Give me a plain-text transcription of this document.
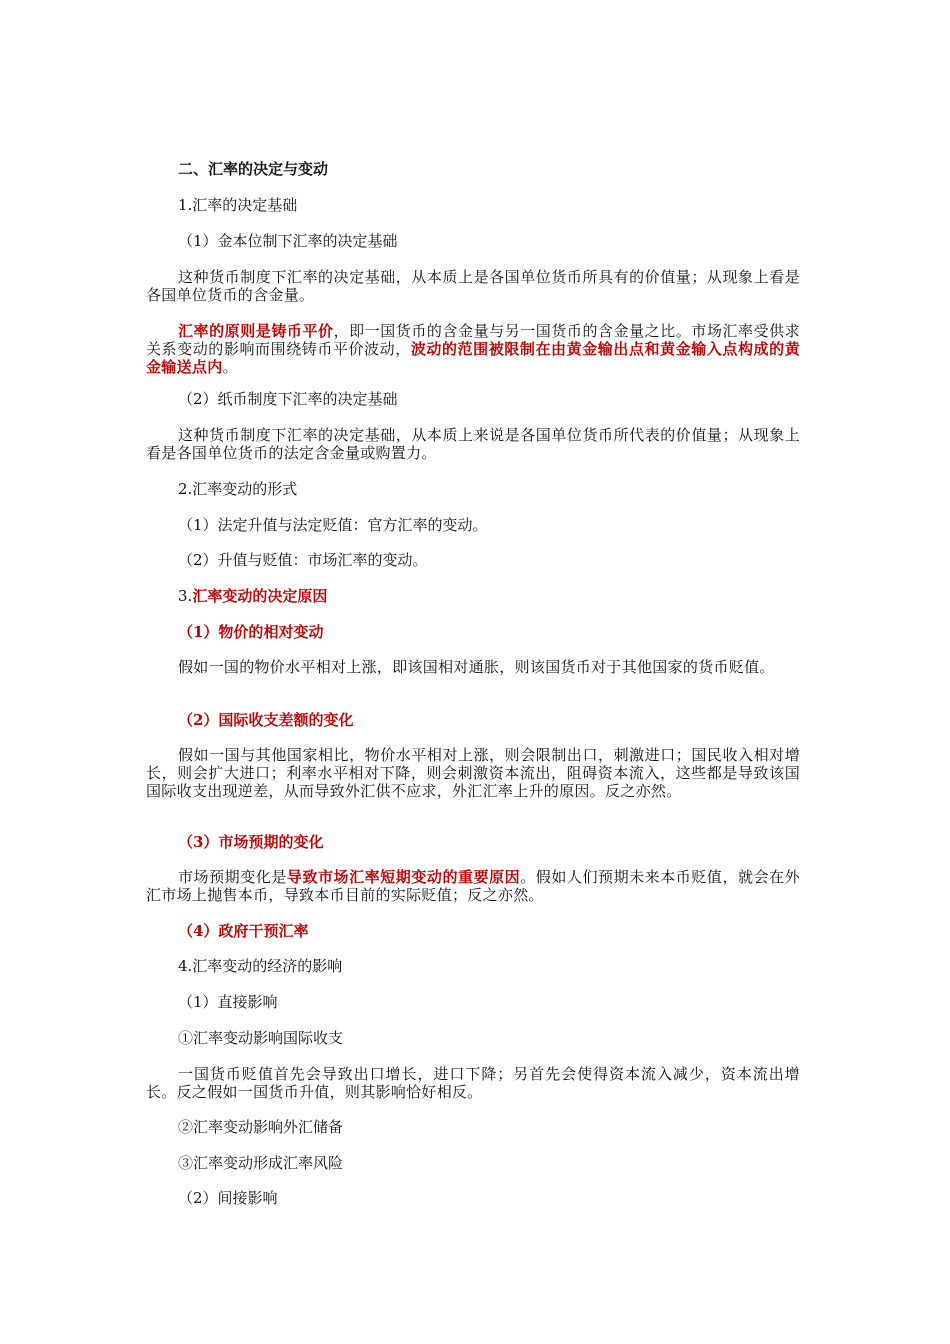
二、汇率的决定与变动
1.汇率的决定基础
（1）金本位制下汇率的决定基础
这种货币制度下汇率的决定基础，从本质上是各国单位货币所具有的价值量；从现象上看是各国单位货币的含金量。
汇率的原则是铸币平价，即一国货币的含金量与另一国货币的含金量之比。市场汇率受供求关系变动的影响而围绕铸币平价波动，波动的范围被限制在由黄金输出点和黄金输入点构成的黄金输送点内。
（2）纸币制度下汇率的决定基础
这种货币制度下汇率的决定基础，从本质上来说是各国单位货币所代表的价值量；从现象上看是各国单位货币的法定含金量或购置力。
2.汇率变动的形式
（1）法定升值与法定贬值：官方汇率的变动。
（2）升值与贬值：市场汇率的变动。
3.汇率变动的决定原因
（1）物价的相对变动
假如一国的物价水平相对上涨，即该国相对通胀，则该国货币对于其他国家的货币贬值。
（2）国际收支差额的变化
假如一国与其他国家相比，物价水平相对上涨，则会限制出口，刺激进口；国民收入相对增长，则会扩大进口；利率水平相对下降，则会刺激资本流出，阻碍资本流入，这些都是导致该国国际收支出现逆差，从而导致外汇供不应求，外汇汇率上升的原因。反之亦然。
（3）市场预期的变化
市场预期变化是导致市场汇率短期变动的重要原因。假如人们预期未来本币贬值，就会在外汇市场上抛售本币，导致本币目前的实际贬值；反之亦然。
（4）政府干预汇率
4.汇率变动的经济的影响
（1）直接影响
①汇率变动影响国际收支
一国货币贬值首先会导致出口增长，进口下降；另首先会使得资本流入减少，资本流出增长。反之假如一国货币升值，则其影响恰好相反。
②汇率变动影响外汇储备
③汇率变动形成汇率风险
（2）间接影响
